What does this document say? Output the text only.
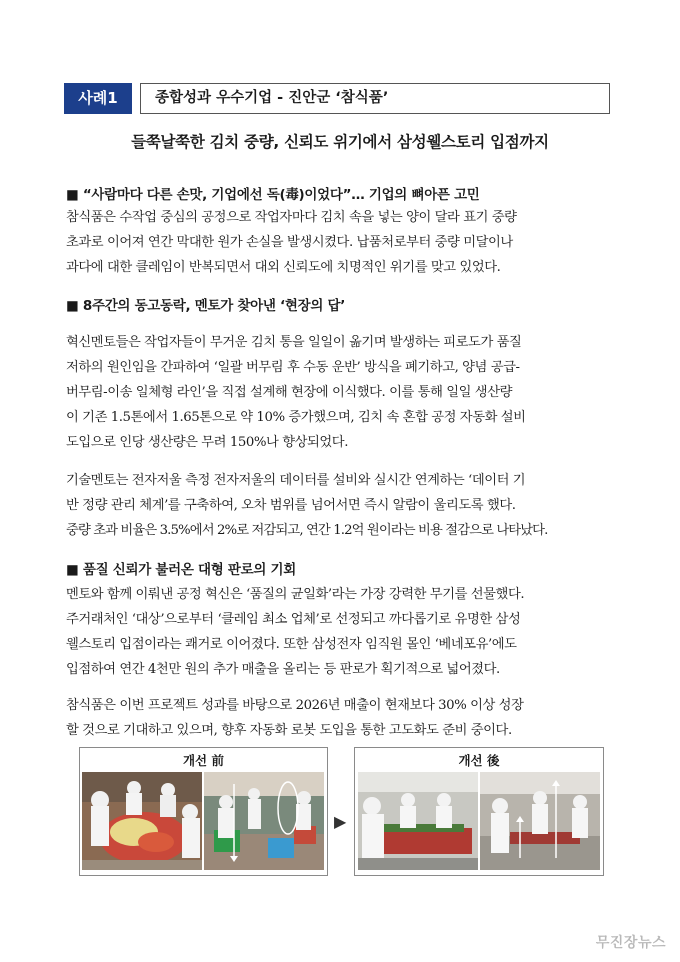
사례1	종합성과 우수기업 - 진안군 ‘참식품’
들쭉날쭉한 김치 중량, 신뢰도 위기에서 삼성웰스토리 입점까지
■ “사람마다 다른 손맛, 기업에선 독(毒)이었다”… 기업의 뼈아픈 고민
참식품은 수작업 중심의 공정으로 작업자마다 김치 속을 넣는 양이 달라 표기 중량
초과로 이어져 연간 막대한 원가 손실을 발생시켰다. 납품처로부터 중량 미달이나
과다에 대한 클레임이 반복되면서 대외 신뢰도에 치명적인 위기를 맞고 있었다.
■ 8주간의 동고동락, 멘토가 찾아낸 ‘현장의 답’
혁신멘토들은 작업자들이 무거운 김치 통을 일일이 옮기며 발생하는 피로도가 품질
저하의 원인임을 간파하여 ‘일괄 버무림 후 수동 운반’ 방식을 폐기하고, 양념 공급-
버무림-이송 일체형 라인’을 직접 설계해 현장에 이식했다. 이를 통해 일일 생산량
이 기존 1.5톤에서 1.65톤으로 약 10% 증가했으며, 김치 속 혼합 공정 자동화 설비
도입으로 인당 생산량은 무려 150%나 향상되었다.
기술멘토는 전자저울 측정 전자저울의 데이터를 설비와 실시간 연계하는 ‘데이터 기
반 정량 관리 체계’를 구축하여, 오차 범위를 넘어서면 즉시 알람이 울리도록 했다.
중량 초과 비율은 3.5%에서 2%로 저감되고, 연간 1.2억 원이라는 비용 절감으로 나타났다.
■ 품질 신뢰가 불러온 대형 판로의 기회
멘토와 함께 이뤄낸 공정 혁신은 ‘품질의 균일화’라는 가장 강력한 무기를 선물했다.
주거래처인 ‘대상’으로부터 ‘클레임 최소 업체’로 선정되고 까다롭기로 유명한 삼성
웰스토리 입점이라는 쾌거로 이어졌다. 또한 삼성전자 임직원 몰인 ‘베네포유’에도
입점하여 연간 4천만 원의 추가 매출을 올리는 등 판로가 획기적으로 넓어졌다.
참식품은 이번 프로젝트 성과를 바탕으로 2026년 매출이 현재보다 30% 이상 성장
할 것으로 기대하고 있으며, 향후 자동화 로봇 도입을 통한 고도화도 준비 중이다.
개선 前
▶
개선 後
무진장뉴스
